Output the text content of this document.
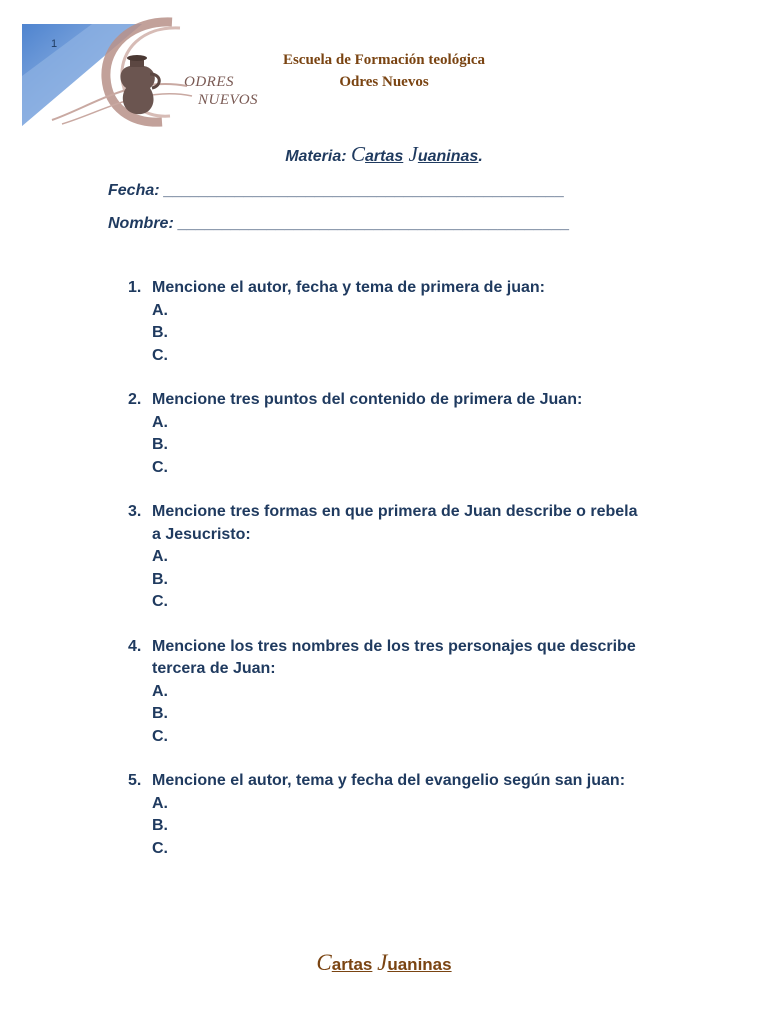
1
ODRES
NUEVOS
Escuela de Formación teológica
Odres Nuevos
Materia: Cartas Juaninas.
Fecha: _____________________________________________
Nombre: ____________________________________________
1. Mencione el autor, fecha y tema de primera de juan:
A.
B.
C.
2. Mencione tres puntos del contenido de primera de Juan:
A.
B.
C.
3. Mencione tres formas en que primera de Juan describe o rebela a Jesucristo:
A.
B.
C.
4. Mencione los tres nombres de los tres personajes que describe tercera de Juan:
A.
B.
C.
5. Mencione el autor, tema y fecha del evangelio según san juan:
A.
B.
C.
Cartas Juaninas
